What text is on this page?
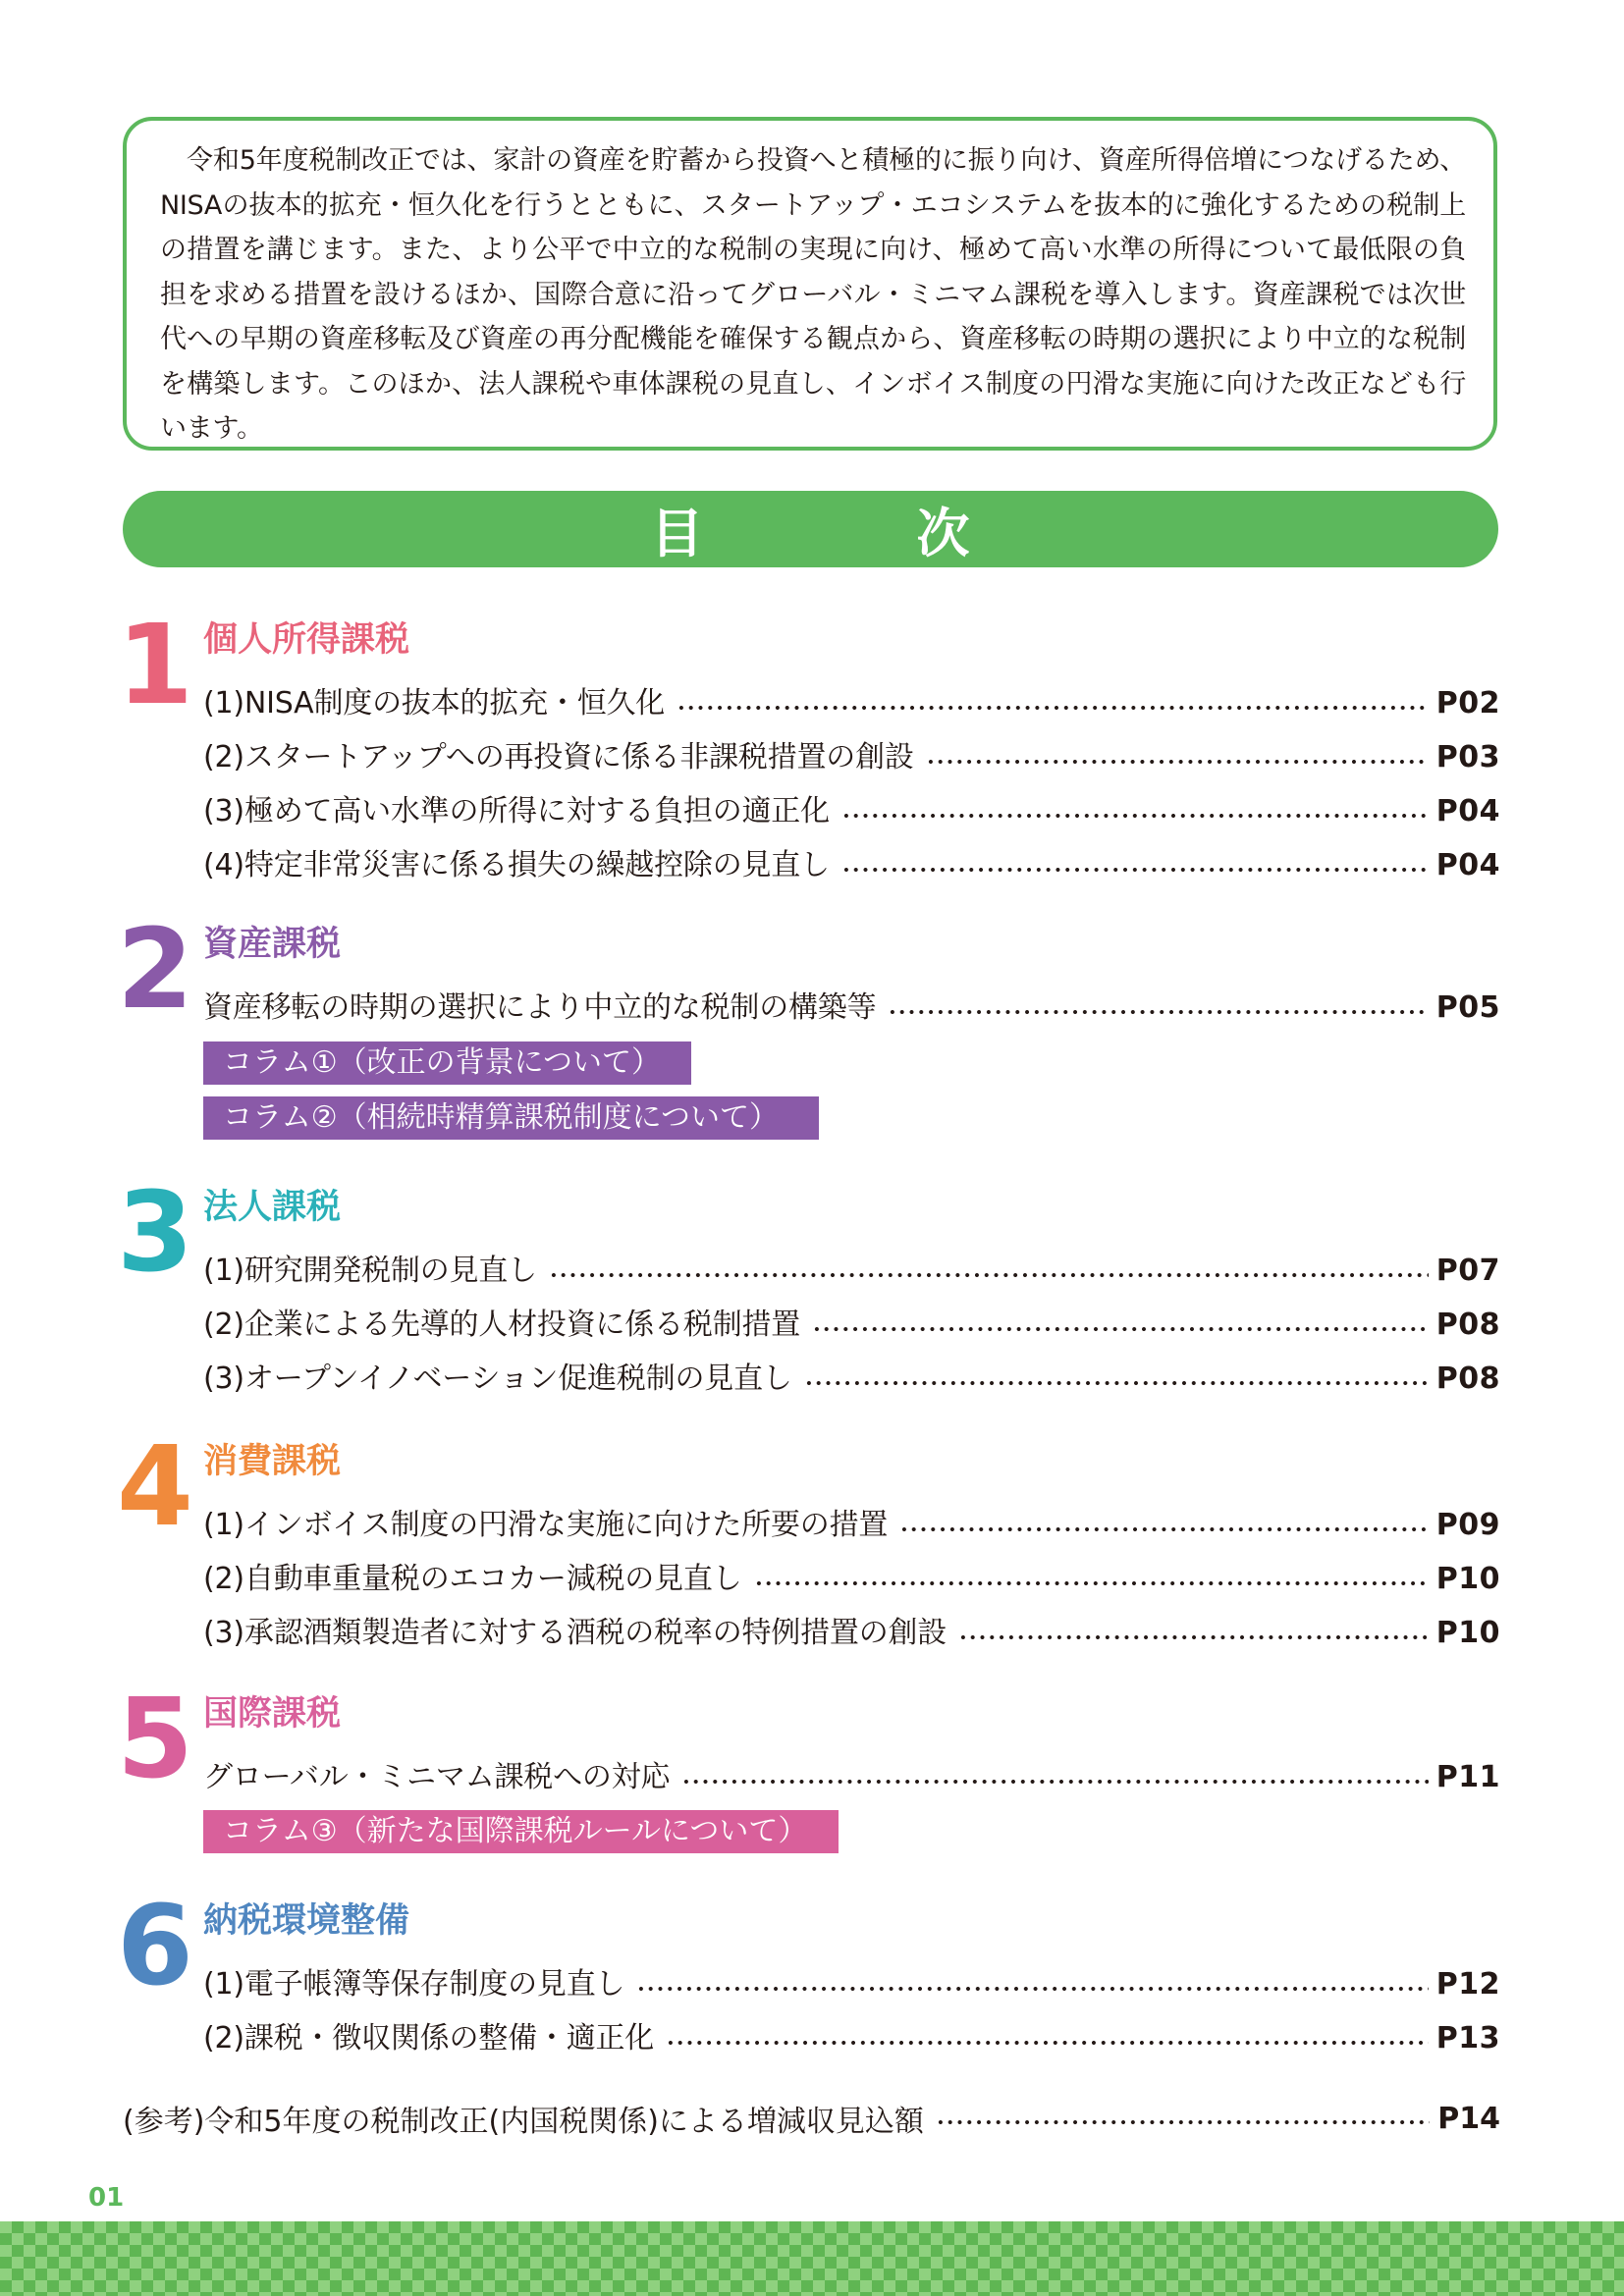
令和5年度税制改正では、家計の資産を貯蓄から投資へと積極的に振り向け、資産所得倍増につなげるため、NISAの抜本的拡充・恒久化を行うとともに、スタートアップ・エコシステムを抜本的に強化するための税制上の措置を講じます。また、より公平で中立的な税制の実現に向け、極めて高い水準の所得について最低限の負担を求める措置を設けるほか、国際合意に沿ってグローバル・ミニマム課税を導入します。資産課税では次世代への早期の資産移転及び資産の再分配機能を確保する観点から、資産移転の時期の選択により中立的な税制を構築します。このほか、法人課税や車体課税の見直し、インボイス制度の円滑な実施に向けた改正なども行います。

目	次
1 個人所得課税
(1)NISA制度の抜本的拡充・恒久化	P02
(2)スタートアップへの再投資に係る非課税措置の創設	P03
(3)極めて高い水準の所得に対する負担の適正化	P04
(4)特定非常災害に係る損失の繰越控除の見直し	P04
2 資産課税
資産移転の時期の選択により中立的な税制の構築等	P05
コラム①（改正の背景について）
コラム②（相続時精算課税制度について）
3 法人課税
(1)研究開発税制の見直し	P07
(2)企業による先導的人材投資に係る税制措置	P08
(3)オープンイノベーション促進税制の見直し	P08
4 消費課税
(1)インボイス制度の円滑な実施に向けた所要の措置	P09
(2)自動車重量税のエコカー減税の見直し	P10
(3)承認酒類製造者に対する酒税の税率の特例措置の創設	P10
5 国際課税
グローバル・ミニマム課税への対応	P11
コラム③（新たな国際課税ルールについて）
6 納税環境整備
(1)電子帳簿等保存制度の見直し	P12
(2)課税・徴収関係の整備・適正化	P13
(参考)令和5年度の税制改正(内国税関係)による増減収見込額	P14
01
